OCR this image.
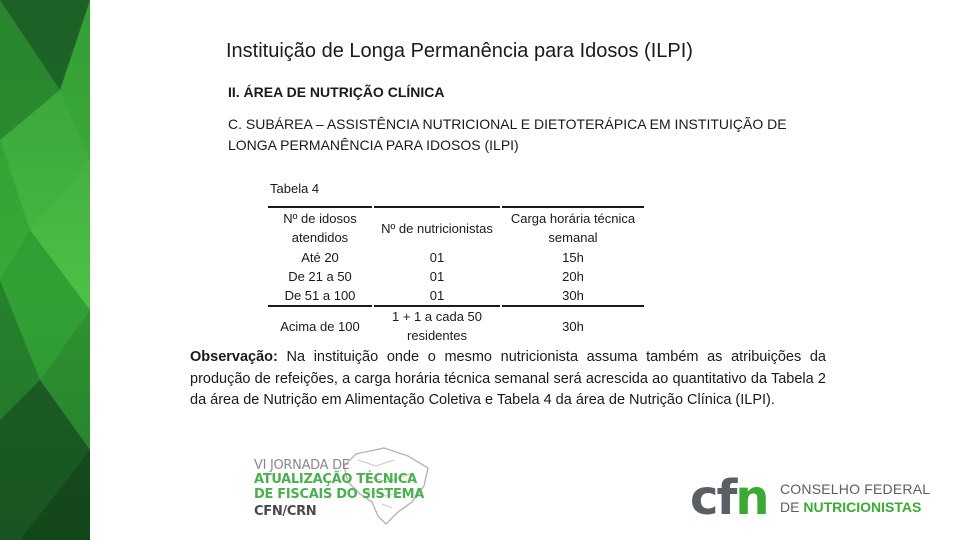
Instituição de Longa Permanência para Idosos (ILPI)
II. ÁREA DE NUTRIÇÃO CLÍNICA
C. SUBÁREA – ASSISTÊNCIA NUTRICIONAL E DIETOTERÁPICA EM INSTITUIÇÃO DE LONGA PERMANÊNCIA PARA IDOSOS (ILPI)
Tabela 4
Nº de idosos atendidos		Nº de nutricionistas		Carga horária técnica semanal
Até 20		01		15h
De 21 a 50		01		20h
De 51 a 100		01		30h
Acima de 100		1 + 1 a cada 50 residentes		30h
Observação: Na instituição onde o mesmo nutricionista assuma também as atribuições da produção de refeições, a carga horária técnica semanal será acrescida ao quantitativo da Tabela 2 da área de Nutrição em Alimentação Coletiva e Tabela 4 da área de Nutrição Clínica (ILPI).
VI JORNADA DE
ATUALIZAÇÃO TÉCNICA
DE FISCAIS DO SISTEMA
CFN/CRN	cfn CONSELHO FEDERAL
DE NUTRICIONISTAS
